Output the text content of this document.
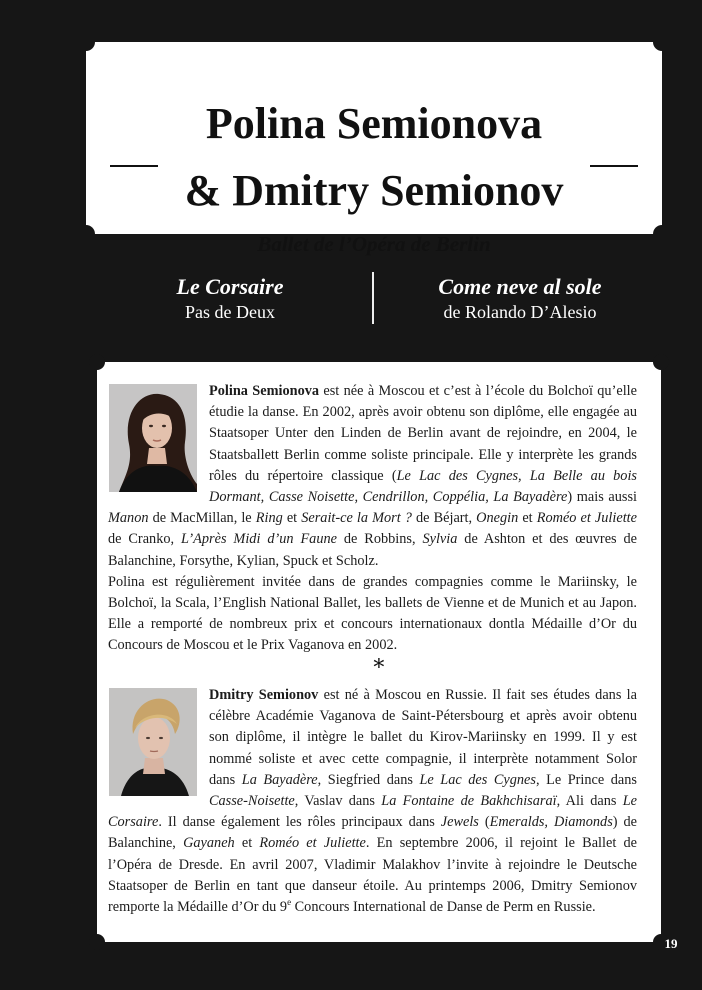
Polina Semionova
& Dmitry Semionov
Ballet de l’Opéra de Berlin
Le Corsaire
Pas de Deux
Come neve al sole
de Rolando D’Alesio

Polina Semionova est née à Moscou et c’est à l’école du Bolchoï qu’elle étudie la danse. En 2002, après avoir obtenu son diplôme, elle engagée au Staatsoper Unter den Linden de Berlin avant de rejoindre, en 2004, le Staatsballett Berlin comme soliste principale. Elle y interprète les grands rôles du répertoire classique (Le Lac des Cygnes, La Belle au bois Dormant, Casse Noisette, Cendrillon, Coppélia, La Bayadère) mais aussi Manon de MacMillan, le Ring et Serait-ce la Mort ? de Béjart, Onegin et Roméo et Juliette de Cranko, L’Après Midi d’un Faune de Robbins, Sylvia de Ashton et des œuvres de Balanchine, Forsythe, Kylian, Spuck et Scholz.

Polina est régulièrement invitée dans de grandes compagnies comme le Mariinsky, le Bolchoï, la Scala, l’English National Ballet, les ballets de Vienne et de Munich et au Japon. Elle a remporté de nombreux prix et concours internationaux dontla Médaille d’Or du Concours de Moscou et le Prix Vaganova en 2002.

∗

Dmitry Semionov est né à Moscou en Russie. Il fait ses études dans la célèbre Académie Vaganova de Saint-Pétersbourg et après avoir obtenu son diplôme, il intègre le ballet du Kirov-Mariinsky en 1999. Il y est nommé soliste et avec cette compagnie, il interprète notamment Solor dans La Bayadère, Siegfried dans Le Lac des Cygnes, Le Prince dans Casse-Noisette, Vaslav dans La Fontaine de Bakhchisaraï, Ali dans Le Corsaire. Il danse également les rôles principaux dans Jewels (Emeralds, Diamonds) de Balanchine, Gayaneh et Roméo et Juliette. En septembre 2006, il rejoint le Ballet de l’Opéra de Dresde. En avril 2007, Vladimir Malakhov l’invite à rejoindre le Deutsche Staatsoper de Berlin en tant que danseur étoile. Au printemps 2006, Dmitry Semionov remporte la Médaille d’Or du 9e Concours International de Danse de Perm en Russie.

19
